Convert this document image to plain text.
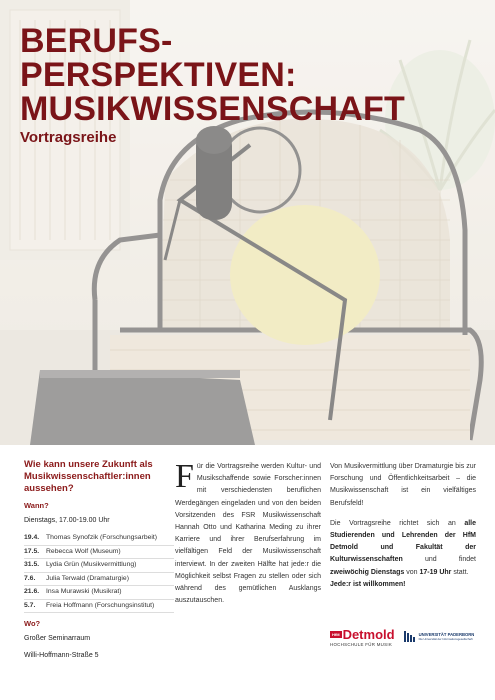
BERUFS-
PERSPEKTIVEN:
MUSIKWISSENSCHAFT
Vortragsreihe
Wie kann unsere Zukunft als Musikwissenschaftler:innen aussehen?
Wann?
Dienstags, 17.00-19.00 Uhr
19.4.	Thomas Synofzik (Forschungsarbeit)
17.5.	Rebecca Wolf (Museum)
31.5.	Lydia Grün (Musikvermittlung)
7.6.	Julia Terwald (Dramaturgie)
21.6.	Insa Murawski (Musikrat)
5.7.	Freia Hoffmann (Forschungsinstitut)
Wo?
Großer Seminarraum
Willi-Hoffmann-Straße 5
Für die Vortragsreihe werden Kultur- und Musikschaffende sowie Forscher:innen mit verschiedensten beruflichen Werdegängen eingeladen und von den beiden Vorsitzenden des FSR Musikwissenschaft Hannah Otto und Katharina Meding zu ihrer Karriere und ihrer Berufserfahrung im vielfältigen Feld der Musikwissenschaft interviewt. In der zweiten Hälfte hat jede:r die Möglichkeit selbst Fragen zu stellen oder sich während des gemütlichen Ausklangs auszutauschen.

Von Musikvermittlung über Dramaturgie bis zur Forschung und Öffentlichkeitsarbeit – die Musikwissenschaft ist ein vielfältiges Berufsfeld!

Die Vortragsreihe richtet sich an alle Studierenden und Lehrenden der HfM Detmold und Fakultät der Kulturwissenschaften und findet zweiwöchig Dienstags von 17-19 Uhr statt.

Jede:r ist willkommen!

HfM Detmold
HOCHSCHULE FÜR MUSIK
UNIVERSITÄT PADERBORN
Die Universität der Informationsgesellschaft
